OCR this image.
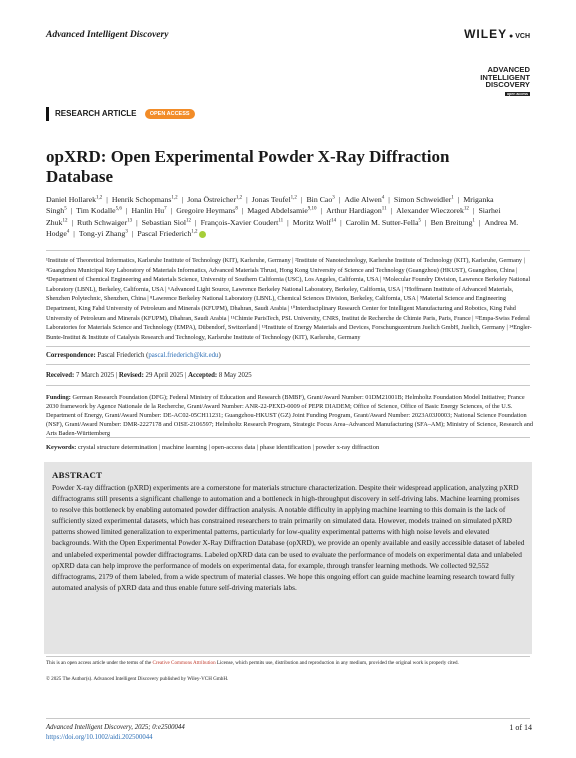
Advanced Intelligent Discovery	WILEY ● VCH
ADVANCED
INTELLIGENT
DISCOVERY
open access
RESEARCH ARTICLE OPEN ACCESS
opXRD: Open Experimental Powder X-Ray Diffraction Database
Daniel Hollarek$^{1,2}$ | Henrik Schopmans$^{1,2}$ | Jona Östreicher$^{1,2}$ | Jonas Teufel$^{1,2}$ | Bin Cao$^3$ | Adie Alwen$^4$ | Simon Schweidler$^1$ | Mriganka Singh$^5$ | Tim Kodalle$^{5,6}$ | Hanlin Hu$^7$ | Gregoire Heymans$^8$ | Maged Abdelsamie$^{9,10}$ | Arthur Hardiagon$^{11}$ | Alexander Wieczorek$^{12}$ | Siarhei Zhuk$^{12}$ | Ruth Schwaiger$^{13}$ | Sebastian Siol$^{12}$ | François-Xavier Coudert$^{11}$ | Moritz Wolf$^{14}$ | Carolin M. Sutter-Fella$^5$ | Ben Breitung$^1$ | Andrea M. Hodge$^4$ | Tong-yi Zhang$^3$ | Pascal Friederich$^{1,2}$
¹Institute of Theoretical Informatics, Karlsruhe Institute of Technology (KIT), Karlsruhe, Germany | ²Institute of Nanotechnology, Karlsruhe Institute of Technology (KIT), Karlsruhe, Germany | ³Guangzhou Municipal Key Laboratory of Materials Informatics, Advanced Materials Thrust, Hong Kong University of Science and Technology (Guangzhou) (HKUST), Guangzhou, China | ⁴Department of Chemical Engineering and Materials Science, University of Southern California (USC), Los Angeles, California, USA | ⁵Molecular Foundry Division, Lawrence Berkeley National Laboratory (LBNL), Berkeley, California, USA | ⁶Advanced Light Source, Lawrence Berkeley National Laboratory, Berkeley, California, USA | ⁷Hoffmann Institute of Advanced Materials, Shenzhen Polytechnic, Shenzhen, China | ⁸Lawrence Berkeley National Laboratory (LBNL), Chemical Sciences Division, Berkeley, California, USA | ⁹Material Science and Engineering Department, King Fahd University of Petroleum and Minerals (KFUPM), Dhahran, Saudi Arabia | ¹⁰Interdisciplinary Research Center for Intelligent Manufacturing and Robotics, King Fahd University of Petroleum and Minerals (KFUPM), Dhahran, Saudi Arabia | ¹¹Chimie ParisTech, PSL University, CNRS, Institut de Recherche de Chimie Paris, Paris, France | ¹²Empa-Swiss Federal Laboratories for Materials Science and Technology (EMPA), Dübendorf, Switzerland | ¹³Institute of Energy Materials and Devices, Forschungszentrum Juelich GmbH, Juelich, Germany | ¹⁴Engler-Bunte-Institut & Institute of Catalysis Research and Technology, Karlsruhe Institute of Technology (KIT), Karlsruhe, Germany
Correspondence: Pascal Friederich (pascal.friederich@kit.edu)
Received: 7 March 2025 | Revised: 29 April 2025 | Accepted: 8 May 2025
Funding: German Research Foundation (DFG); Federal Ministry of Education and Research (BMBF), Grant/Award Number: 01DM21001B; Helmholtz Foundation Model Initiative; France 2030 framework by Agence Nationale de la Recherche, Grant/Award Number: ANR-22-PEXD-0009 of PEPR DIADEM; Office of Science, Office of Basic Energy Sciences, of the U.S. Department of Energy, Grant/Award Number: DE-AC02-05CH11231; Guangzhou-HKUST (GZ) Joint Funding Program, Grant/Award Number: 2023A03J0003; National Science Foundation (NSF), Grant/Award Number: DMR-2227178 and OISE-2106597; Helmholtz Research Program, Strategic Focus Area–Advanced Manufacturing (SFA–AM); Ministry of Science, Research and Arts Baden-Württemberg
Keywords: crystal structure determination | machine learning | open-access data | phase identification | powder x-ray diffraction
ABSTRACT
Powder X-ray diffraction (pXRD) experiments are a cornerstone for materials structure characterization. Despite their widespread application, analyzing pXRD diffractograms still presents a significant challenge to automation and a bottleneck in high-throughput discovery in self-driving labs. Machine learning promises to resolve this bottleneck by enabling automated powder diffraction analysis. A notable difficulty in applying machine learning to this domain is the lack of sufficiently sized experimental datasets, which has constrained researchers to train primarily on simulated data. However, models trained on simulated pXRD patterns showed limited generalization to experimental patterns, particularly for low-quality experimental patterns with high noise levels and elevated backgrounds. With the Open Experimental Powder X-Ray Diffraction Database (opXRD), we provide an openly available and easily accessible dataset of labeled and unlabeled experimental powder diffractograms. Labeled opXRD data can be used to evaluate the performance of models on experimental data and unlabeled opXRD data can help improve the performance of models on experimental data, for example, through transfer learning methods. We collected 92,552 diffractograms, 2179 of them labeled, from a wide spectrum of material classes. We hope this ongoing effort can guide machine learning research toward fully automated analysis of pXRD data and thus enable future self-driving materials labs.
This is an open access article under the terms of the Creative Commons Attribution License, which permits use, distribution and reproduction in any medium, provided the original work is properly cited.
© 2025 The Author(s). Advanced Intelligent Discovery published by Wiley-VCH GmbH.
Advanced Intelligent Discovery, 2025; 0:e2500044
https://doi.org/10.1002/aidi.202500044
1 of 14
